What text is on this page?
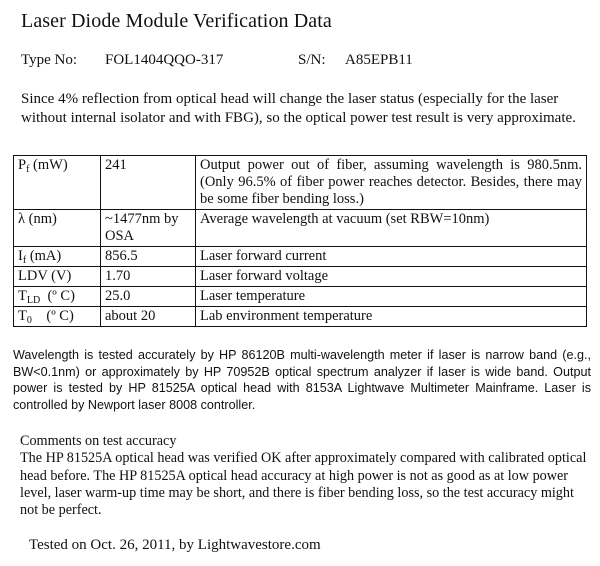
Laser Diode Module Verification Data
Type No: FOL1404QQO-317	S/N: A85EPB11
Since 4% reflection from optical head will change the laser status (especially for the laser without internal isolator and with FBG), so the optical power test result is very approximate.
$P_f$ (mW)	241	Output power out of fiber, assuming wavelength is 980.5nm. (Only 96.5% of fiber power reaches detector. Besides, there may be some fiber bending loss.)
λ (nm)	~1477nm by OSA	Average wavelength at vacuum (set RBW=10nm)
$I_f$ (mA)	856.5	Laser forward current
LDV (V)	1.70	Laser forward voltage
$T_{LD}$  (º C)	25.0	Laser temperature
$T_0$    (º C)	about 20	Lab environment temperature
Wavelength is tested accurately by HP 86120B multi-wavelength meter if laser is narrow band (e.g., BW<0.1nm) or approximately by HP 70952B optical spectrum analyzer if laser is wide band. Output power is tested by HP 81525A optical head with 8153A Lightwave Multimeter Mainframe. Laser is controlled by Newport laser 8008 controller.
Comments on test accuracy
The HP 81525A optical head was verified OK after approximately compared with calibrated optical head before. The HP 81525A optical head accuracy at high power is not as good as at low power level, laser warm-up time may be short, and there is fiber bending loss, so the test accuracy might not be perfect.
Tested on Oct. 26, 2011, by Lightwavestore.com
